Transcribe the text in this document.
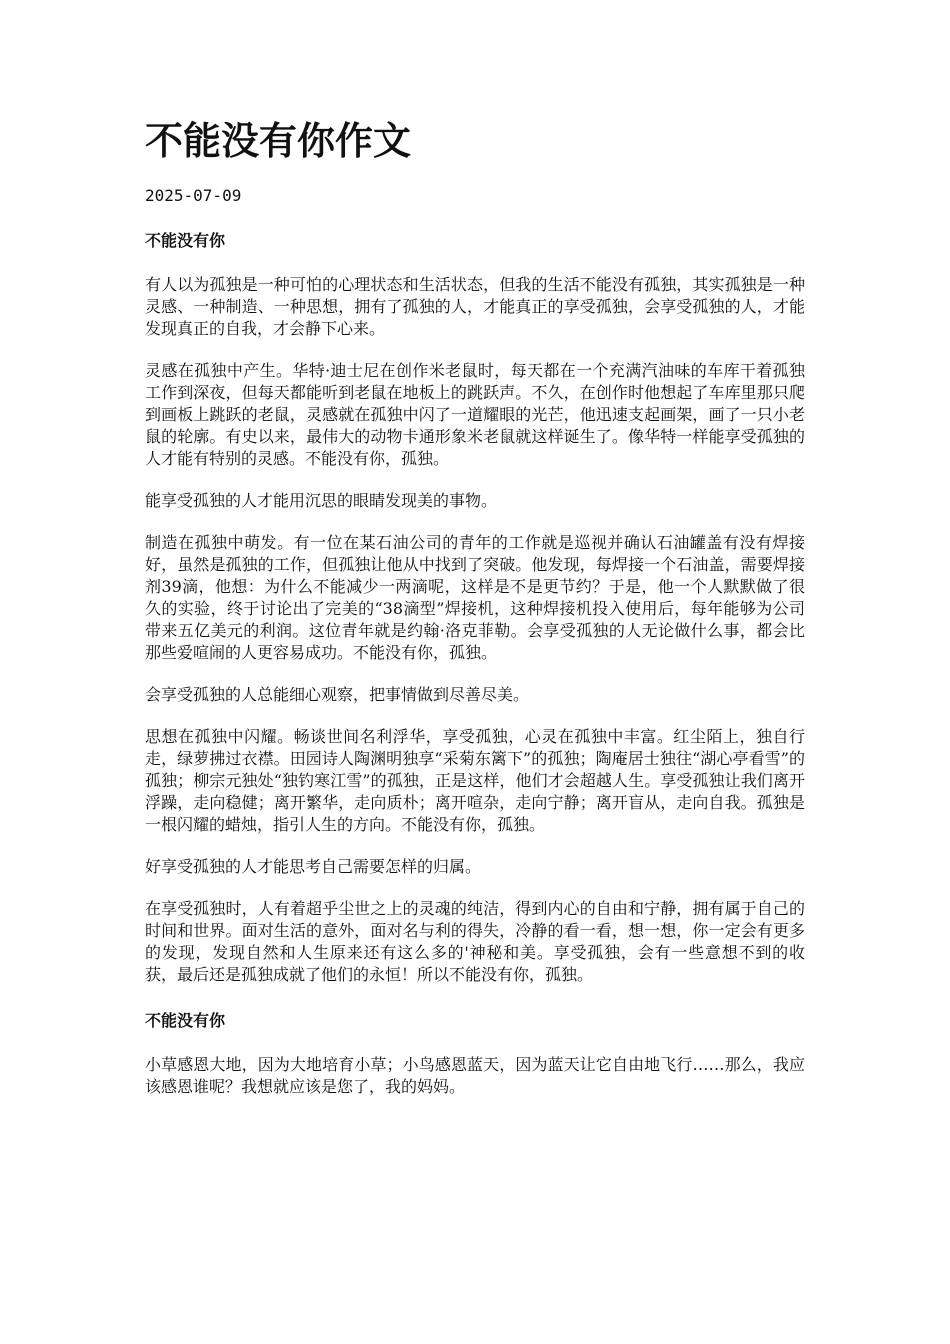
不能没有你作文
2025-07-09
不能没有你

有人以为孤独是一种可怕的心理状态和生活状态，但我的生活不能没有孤独，其实孤独是一种灵感、一种制造、一种思想，拥有了孤独的人，才能真正的享受孤独，会享受孤独的人，才能发现真正的自我，才会静下心来。

灵感在孤独中产生。华特·迪士尼在创作米老鼠时，每天都在一个充满汽油味的车库干着孤独工作到深夜，但每天都能听到老鼠在地板上的跳跃声。不久，在创作时他想起了车库里那只爬到画板上跳跃的老鼠，灵感就在孤独中闪了一道耀眼的光芒，他迅速支起画架，画了一只小老鼠的轮廓。有史以来，最伟大的动物卡通形象米老鼠就这样诞生了。像华特一样能享受孤独的人才能有特别的灵感。不能没有你，孤独。

能享受孤独的人才能用沉思的眼睛发现美的事物。

制造在孤独中萌发。有一位在某石油公司的青年的工作就是巡视并确认石油罐盖有没有焊接好，虽然是孤独的工作，但孤独让他从中找到了突破。他发现，每焊接一个石油盖，需要焊接剂39滴，他想：为什么不能减少一两滴呢，这样是不是更节约？于是，他一个人默默做了很久的实验，终于讨论出了完美的“38滴型”焊接机，这种焊接机投入使用后，每年能够为公司带来五亿美元的利润。这位青年就是约翰·洛克菲勒。会享受孤独的人无论做什么事，都会比那些爱喧闹的人更容易成功。不能没有你，孤独。

会享受孤独的人总能细心观察，把事情做到尽善尽美。

思想在孤独中闪耀。畅谈世间名利浮华，享受孤独，心灵在孤独中丰富。红尘陌上，独自行走，绿萝拂过衣襟。田园诗人陶渊明独享“采菊东篱下”的孤独；陶庵居士独往“湖心亭看雪”的孤独；柳宗元独处“独钓寒江雪”的孤独，正是这样，他们才会超越人生。享受孤独让我们离开浮躁，走向稳健；离开繁华，走向质朴；离开喧杂，走向宁静；离开盲从，走向自我。孤独是一根闪耀的蜡烛，指引人生的方向。不能没有你，孤独。

好享受孤独的人才能思考自己需要怎样的归属。

在享受孤独时，人有着超乎尘世之上的灵魂的纯洁，得到内心的自由和宁静，拥有属于自己的时间和世界。面对生活的意外，面对名与利的得失，冷静的看一看，想一想，你一定会有更多的发现，发现自然和人生原来还有这么多的'神秘和美。享受孤独，会有一些意想不到的收获，最后还是孤独成就了他们的永恒！所以不能没有你，孤独。

不能没有你

小草感恩大地，因为大地培育小草；小鸟感恩蓝天，因为蓝天让它自由地飞行……那么，我应该感恩谁呢？我想就应该是您了，我的妈妈。
